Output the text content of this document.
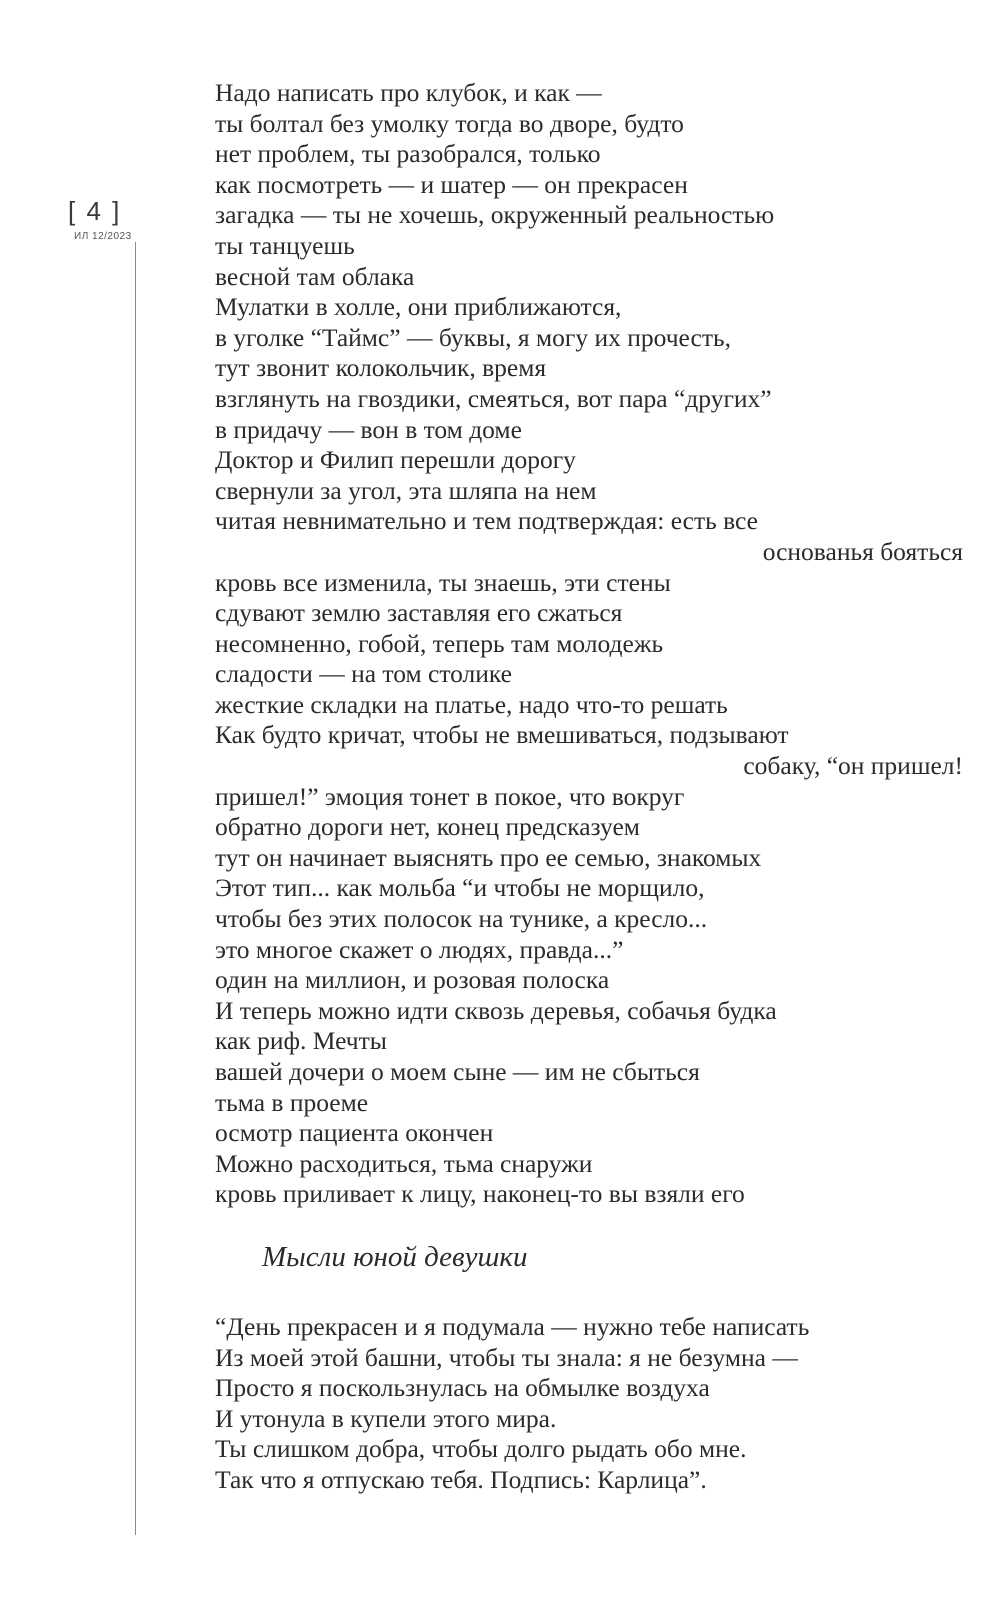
[ 4 ]
ИЛ 12/2023
Надо написать про клубок, и как —
ты болтал без умолку тогда во дворе, будто
нет проблем, ты разобрался, только
как посмотреть — и шатер — он прекрасен
загадка — ты не хочешь, окруженный реальностью
ты танцуешь
весной там облака
Мулатки в холле, они приближаются,
в уголке “Таймс” — буквы, я могу их прочесть,
тут звонит колокольчик, время
взглянуть на гвоздики, смеяться, вот пара “других”
в придачу — вон в том доме
Доктор и Филип перешли дорогу
свернули за угол, эта шляпа на нем
читая невнимательно и тем подтверждая: есть все
основанья бояться
кровь все изменила, ты знаешь, эти стены
сдувают землю заставляя его сжаться
несомненно, гобой, теперь там молодежь
сладости — на том столике
жесткие складки на платье, надо что-то решать
Как будто кричат, чтобы не вмешиваться, подзывают
собаку, “он пришел!
пришел!” эмоция тонет в покое, что вокруг
обратно дороги нет, конец предсказуем
тут он начинает выяснять про ее семью, знакомых
Этот тип... как мольба “и чтобы не морщило,
чтобы без этих полосок на тунике, а кресло...
это многое скажет о людях, правда...”
один на миллион, и розовая полоска
И теперь можно идти сквозь деревья, собачья будка
как риф. Мечты
вашей дочери о моем сыне — им не сбыться
тьма в проеме
осмотр пациента окончен
Можно расходиться, тьма снаружи
кровь приливает к лицу, наконец-то вы взяли его
Мысли юной девушки
“День прекрасен и я подумала — нужно тебе написать
Из моей этой башни, чтобы ты знала: я не безумна —
Просто я поскользнулась на обмылке воздуха
И утонула в купели этого мира.
Ты слишком добра, чтобы долго рыдать обо мне.
Так что я отпускаю тебя. Подпись: Карлица”.
